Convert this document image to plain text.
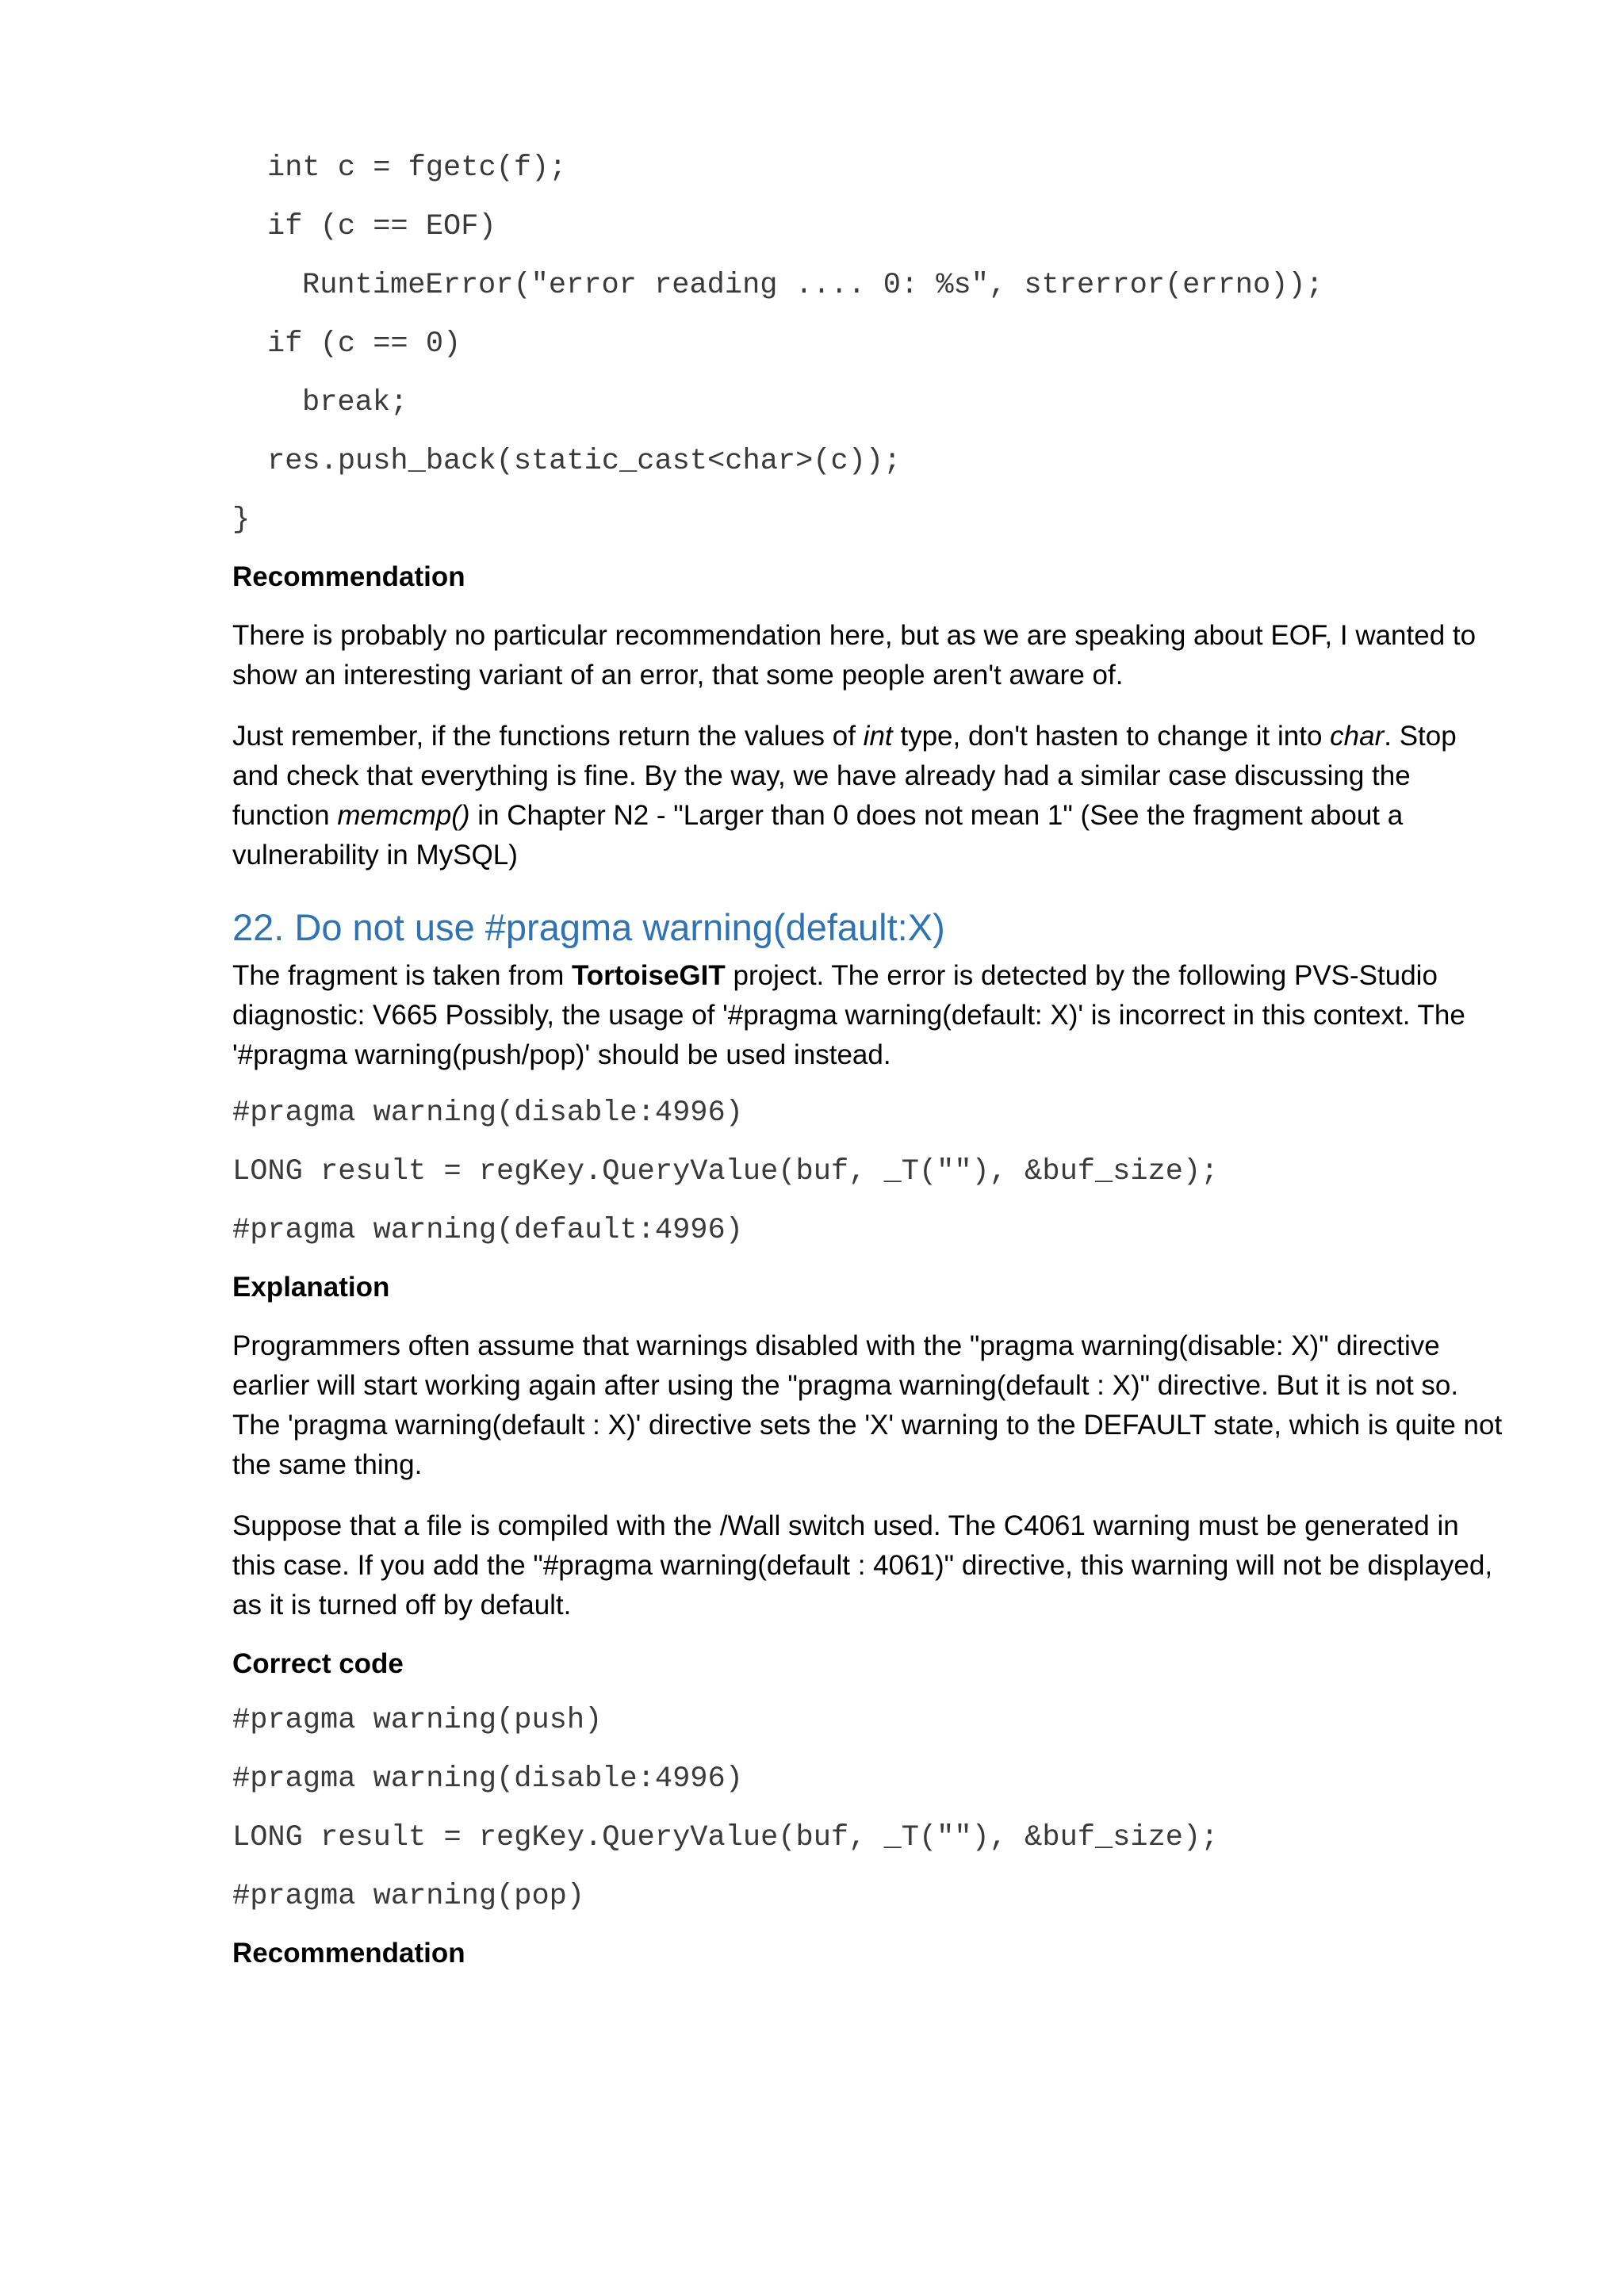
int c = fgetc(f);
if (c == EOF)
RuntimeError("error reading .... 0: %s", strerror(errno));
if (c == 0)
break;
res.push_back(static_cast<char>(c));
}
Recommendation

There is probably no particular recommendation here, but as we are speaking about EOF, I wanted to show an interesting variant of an error, that some people aren't aware of.

Just remember, if the functions return the values of int type, don't hasten to change it into char. Stop and check that everything is fine. By the way, we have already had a similar case discussing the function memcmp() in Chapter N2 - "Larger than 0 does not mean 1" (See the fragment about a vulnerability in MySQL)

22. Do not use #pragma warning(default:X)

The fragment is taken from TortoiseGIT project. The error is detected by the following PVS-Studio diagnostic: V665 Possibly, the usage of '#pragma warning(default: X)' is incorrect in this context. The '#pragma warning(push/pop)' should be used instead.

#pragma warning(disable:4996)
LONG result = regKey.QueryValue(buf, _T(""), &buf_size);
#pragma warning(default:4996)
Explanation

Programmers often assume that warnings disabled with the "pragma warning(disable: X)" directive earlier will start working again after using the "pragma warning(default : X)" directive. But it is not so. The 'pragma warning(default : X)' directive sets the 'X' warning to the DEFAULT state, which is quite not the same thing.

Suppose that a file is compiled with the /Wall switch used. The C4061 warning must be generated in this case. If you add the "#pragma warning(default : 4061)" directive, this warning will not be displayed, as it is turned off by default.

Correct code
#pragma warning(push)
#pragma warning(disable:4996)
LONG result = regKey.QueryValue(buf, _T(""), &buf_size);
#pragma warning(pop)
Recommendation
